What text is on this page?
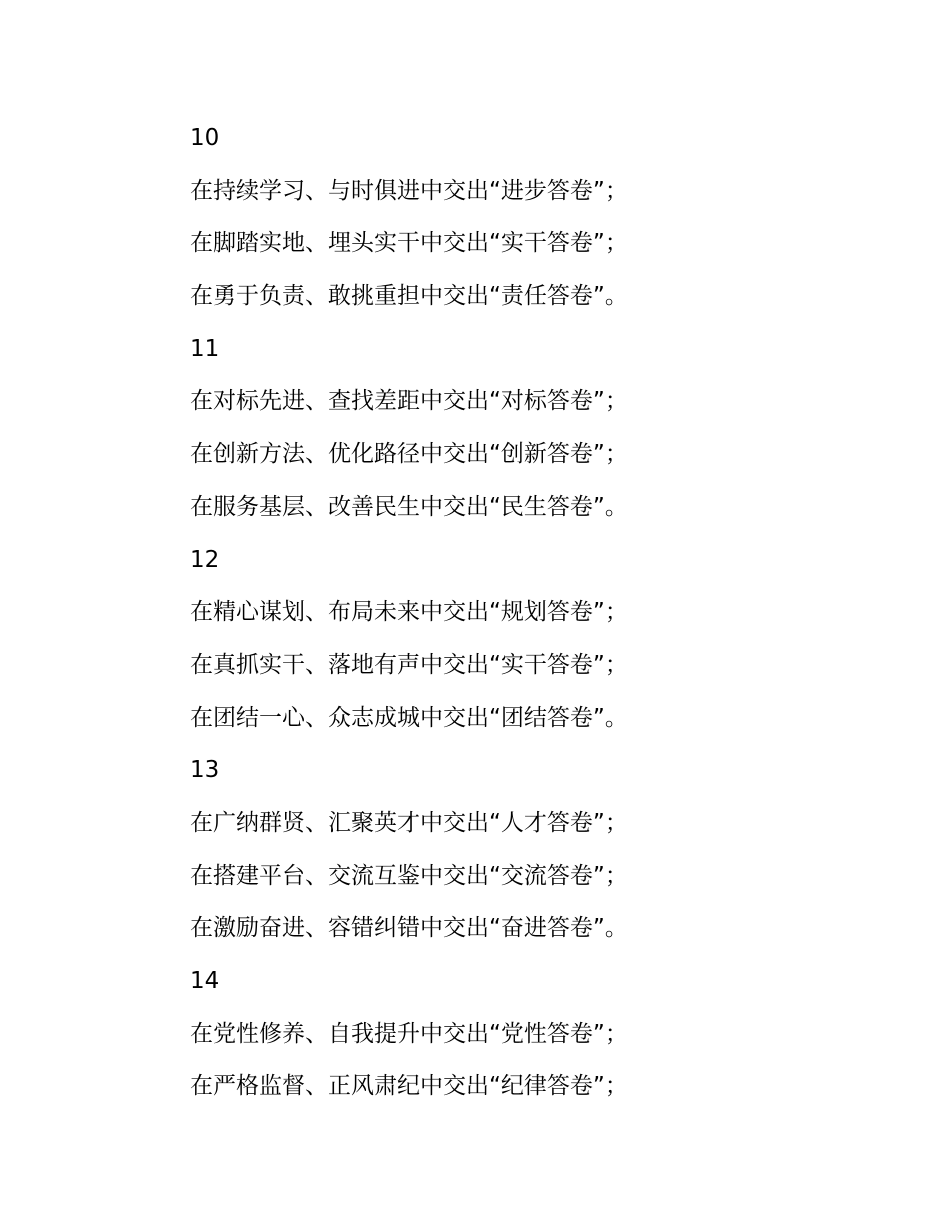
10
在持续学习、与时俱进中交出“进步答卷”；
在脚踏实地、埋头实干中交出“实干答卷”；
在勇于负责、敢挑重担中交出“责任答卷”。
11
在对标先进、查找差距中交出“对标答卷”；
在创新方法、优化路径中交出“创新答卷”；
在服务基层、改善民生中交出“民生答卷”。
12
在精心谋划、布局未来中交出“规划答卷”；
在真抓实干、落地有声中交出“实干答卷”；
在团结一心、众志成城中交出“团结答卷”。
13
在广纳群贤、汇聚英才中交出“人才答卷”；
在搭建平台、交流互鉴中交出“交流答卷”；
在激励奋进、容错纠错中交出“奋进答卷”。
14
在党性修养、自我提升中交出“党性答卷”；
在严格监督、正风肃纪中交出“纪律答卷”；
